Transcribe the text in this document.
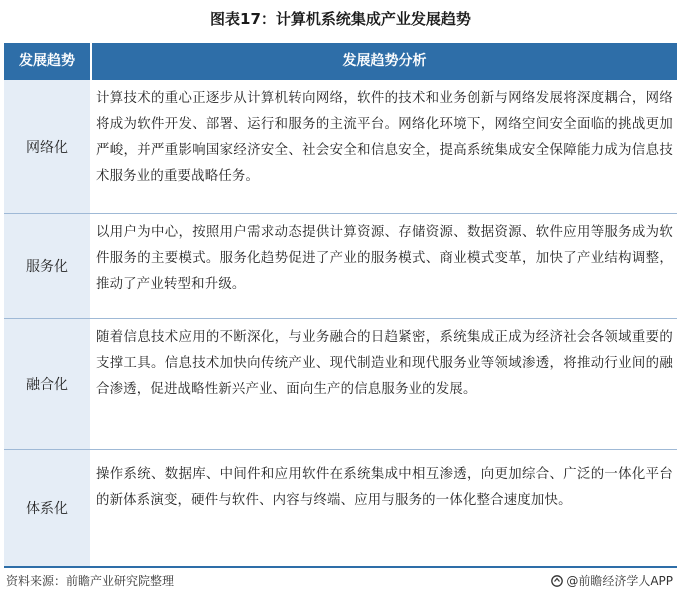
图表17：计算机系统集成产业发展趋势
发展趋势	发展趋势分析
网络化
计算技术的重心正逐步从计算机转向网络，软件的技术和业务创新与网络发展将深度耦合，网络将成为软件开发、部署、运行和服务的主流平台。网络化环境下，网络空间安全面临的挑战更加严峻，并严重影响国家经济安全、社会安全和信息安全，提高系统集成安全保障能力成为信息技术服务业的重要战略任务。
服务化
以用户为中心，按照用户需求动态提供计算资源、存储资源、数据资源、软件应用等服务成为软件服务的主要模式。服务化趋势促进了产业的服务模式、商业模式变革，加快了产业结构调整，推动了产业转型和升级。
融合化
随着信息技术应用的不断深化，与业务融合的日趋紧密，系统集成正成为经济社会各领域重要的支撑工具。信息技术加快向传统产业、现代制造业和现代服务业等领域渗透，将推动行业间的融合渗透，促进战略性新兴产业、面向生产的信息服务业的发展。
体系化
操作系统、数据库、中间件和应用软件在系统集成中相互渗透，向更加综合、广泛的一体化平台的新体系演变，硬件与软件、内容与终端、应用与服务的一体化整合速度加快。
资料来源：前瞻产业研究院整理	@前瞻经济学人APP
